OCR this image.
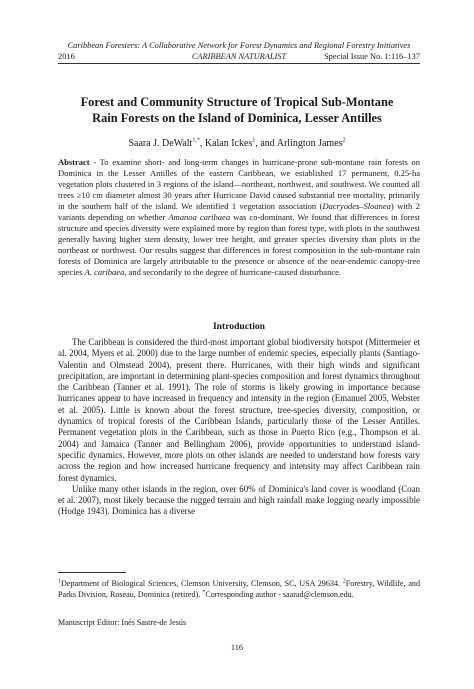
Caribbean Foresters: A Collaborative Network for Forest Dynamics and Regional Forestry Initiatives
2016	CARIBBEAN NATURALIST	Special Issue No. 1:116–137
Forest and Community Structure of Tropical Sub-Montane
Rain Forests on the Island of Dominica, Lesser Antilles
Saara J. DeWalt$^{1,*}$, Kalan Ickes$^1$, and Arlington James$^2$
Abstract - To examine short- and long-term changes in hurricane-prone sub-montane rain forests on Dominica in the Lesser Antilles of the eastern Caribbean, we established 17 permanent, 0.25-ha vegetation plots clustered in 3 regions of the island—northeast, northwest, and southwest. We counted all trees ≥10 cm diameter almost 30 years after Hurricane David caused substantial tree mortality, primarily in the southern half of the island. We identified 1 vegetation association (Dacryodes–Sloanea) with 2 variants depending on whether Amanoa caribaea was co-dominant. We found that differences in forest structure and species diversity were explained more by region than forest type, with plots in the southwest generally having higher stem density, lower tree height, and greater species diversity than plots in the northeast or northwest. Our results suggest that differences in forest composition in the sub-montane rain forests of Dominica are largely attributable to the presence or absence of the near-endemic canopy-tree species A. caribaea, and secondarily to the degree of hurricane-caused disturbance.
Introduction

The Caribbean is considered the third-most important global biodiversity hotspot (Mittermeier et al. 2004, Myers et al. 2000) due to the large number of endemic species, especially plants (Santiago-Valentin and Olmstead 2004), present there. Hurricanes, with their high winds and significant precipitation, are important in determining plant-species composition and forest dynamics throughout the Caribbean (Tanner et al. 1991). The role of storms is likely growing in importance because hurricanes appear to have increased in frequency and intensity in the region (Emanuel 2005, Webster et al. 2005). Little is known about the forest structure, tree-species diversity, composition, or dynamics of tropical forests of the Caribbean Islands, particularly those of the Lesser Antilles. Permanent vegetation plots in the Caribbean, such as those in Puerto Rico (e.g., Thompson et al. 2004) and Jamaica (Tanner and Bellingham 2006), provide opportunities to understand island-specific dynamics. However, more plots on other islands are needed to understand how forests vary across the region and how increased hurricane frequency and intensity may affect Caribbean rain forest dynamics.

Unlike many other islands in the region, over 60% of Dominica's land cover is woodland (Coan et al. 2007), most likely because the rugged terrain and high rainfall make logging nearly impossible (Hodge 1943). Dominica has a diverse

$^1$Department of Biological Sciences, Clemson University, Clemson, SC, USA 29634. $^2$Forestry, Wildlife, and Parks Division, Roseau, Dominica (retired). *Corresponding author - saarad@clemson.edu.
Manuscript Editor: Inés Sastre-de Jesús
116
